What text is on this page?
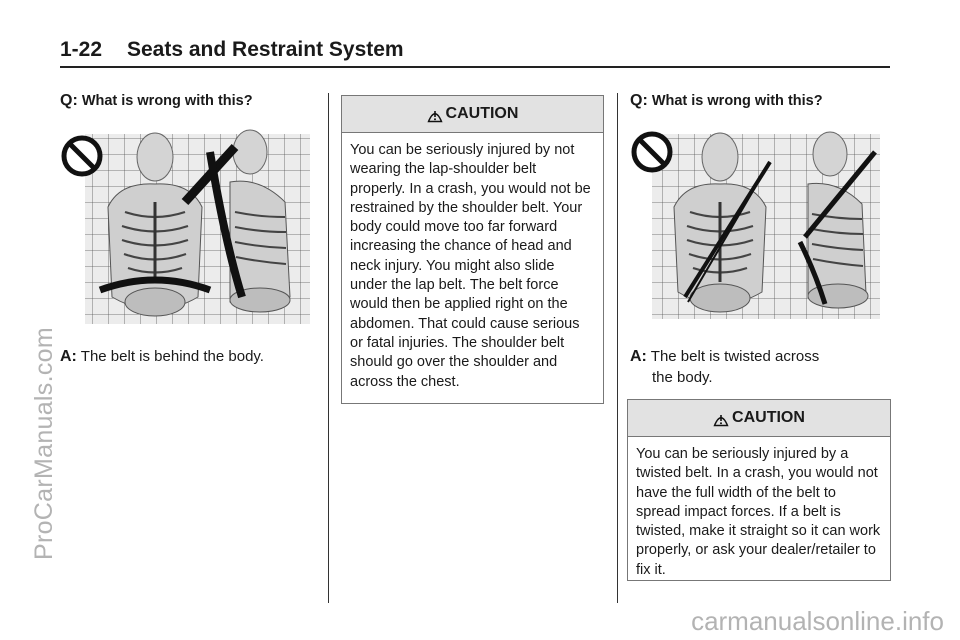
ProCarManuals.com
carmanualsonline.info
1-22 Seats and Restraint System
Q: What is wrong with this?
A: The belt is behind the body.
CAUTION
You can be seriously injured by not wearing the lap-shoulder belt properly. In a crash, you would not be restrained by the shoulder belt. Your body could move too far forward increasing the chance of head and neck injury. You might also slide under the lap belt. The belt force would then be applied right on the abdomen. That could cause serious or fatal injuries. The shoulder belt should go over the shoulder and across the chest.
Q: What is wrong with this?
A: The belt is twisted across the body.
CAUTION
You can be seriously injured by a twisted belt. In a crash, you would not have the full width of the belt to spread impact forces. If a belt is twisted, make it straight so it can work properly, or ask your dealer/retailer to fix it.
